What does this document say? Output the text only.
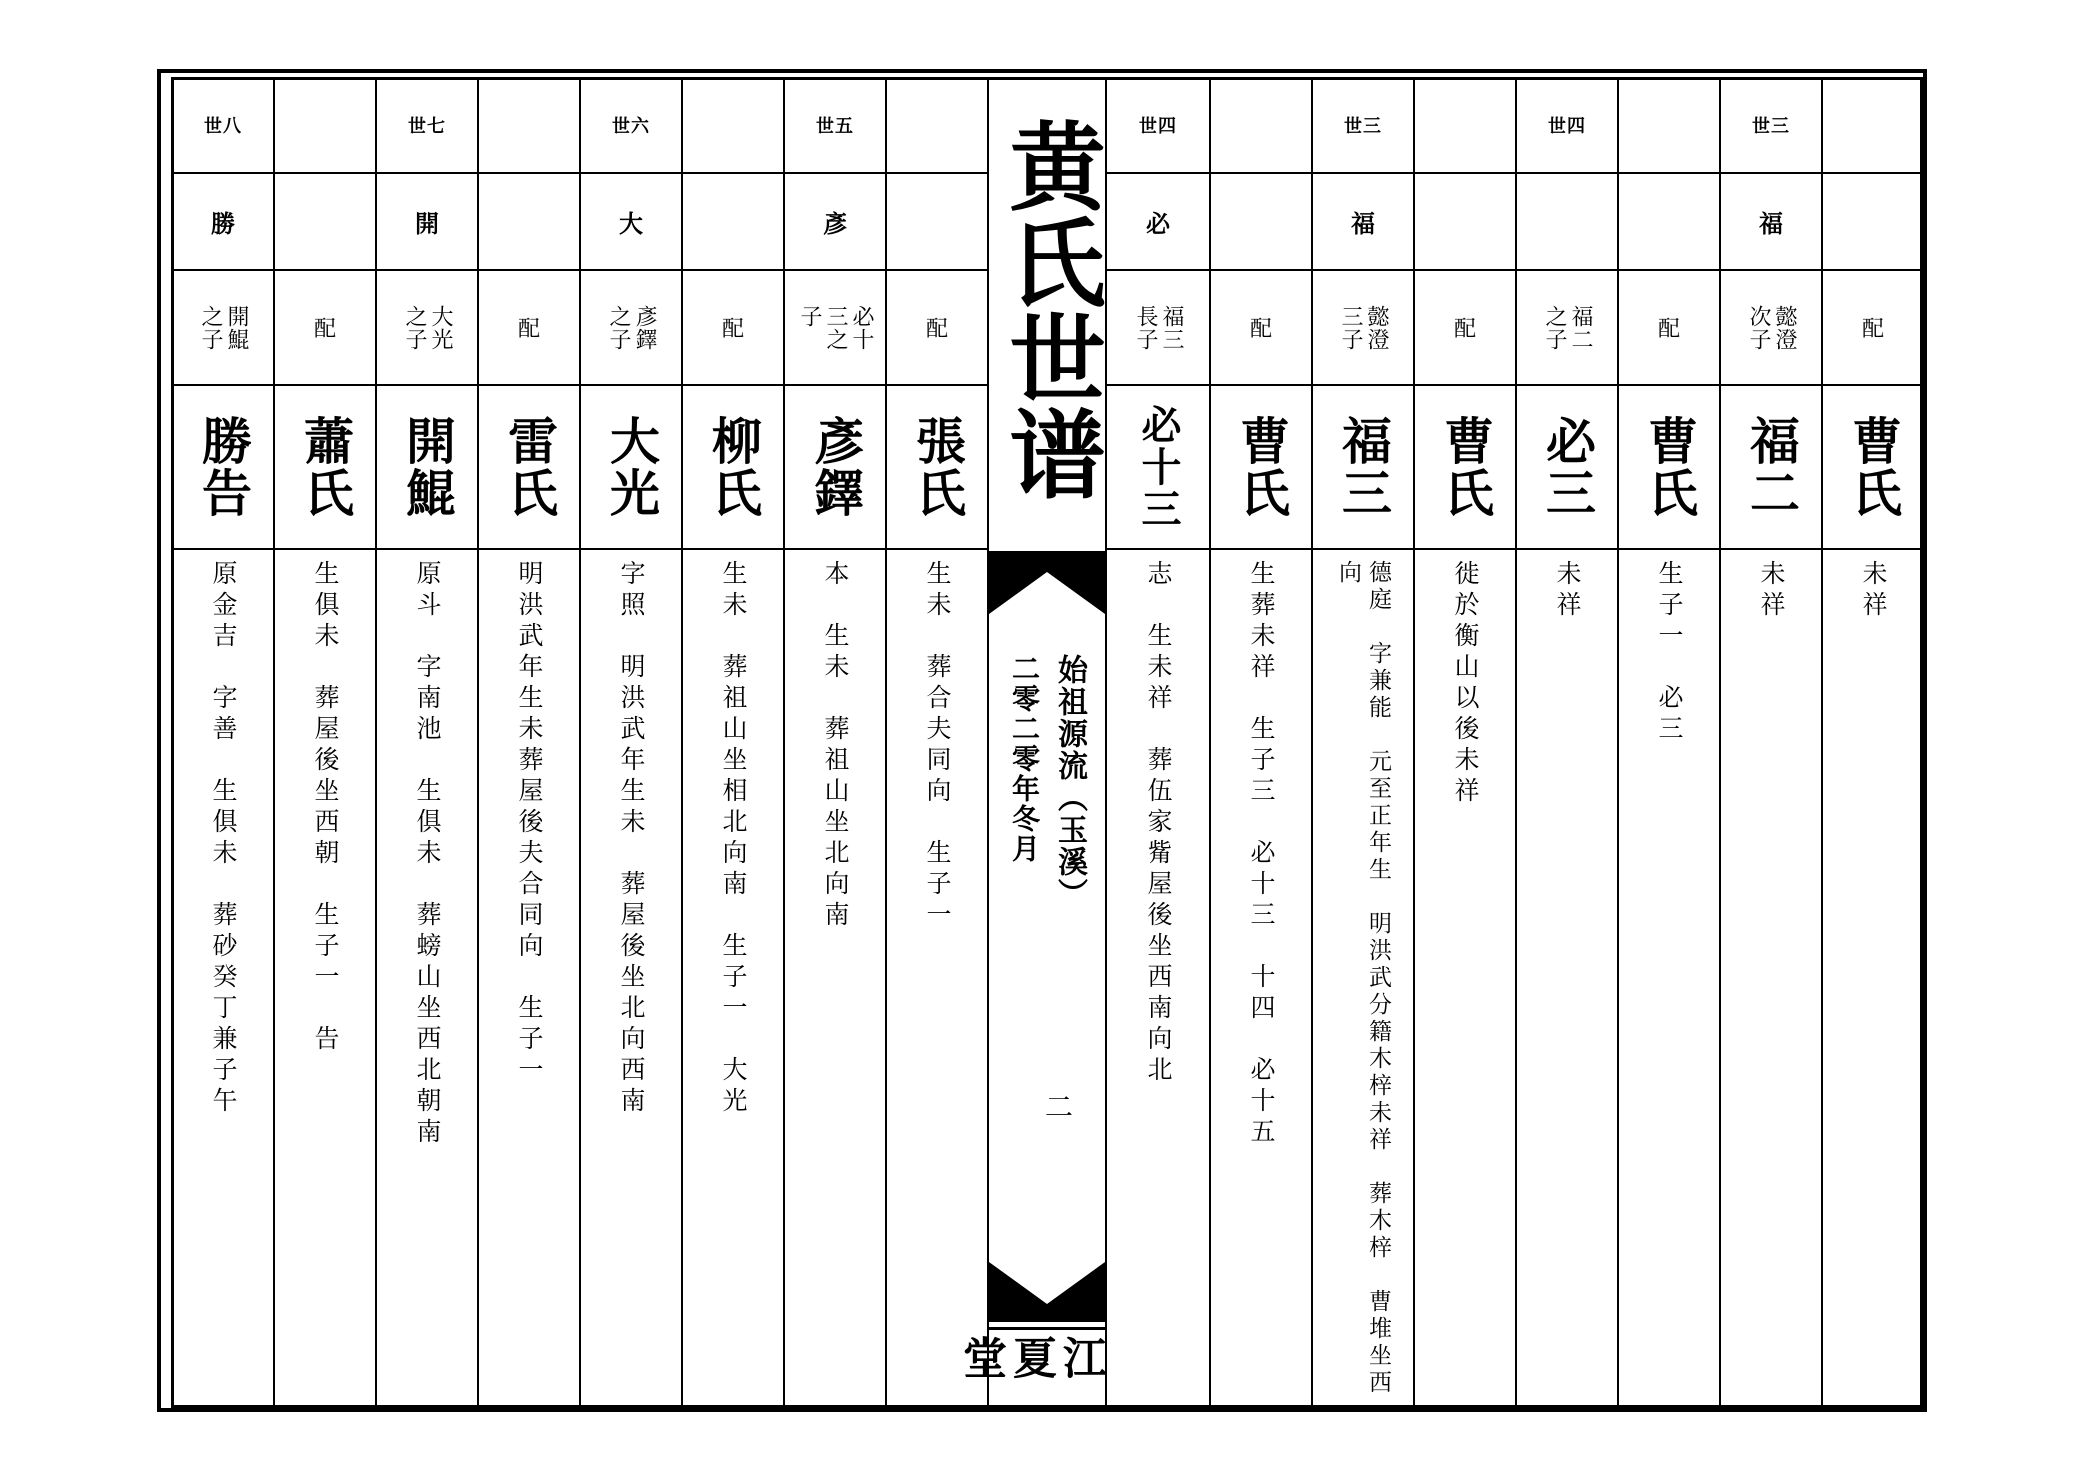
世八
勝
開鯤
之子
勝告
原金吉　字善　生俱未　葬砂癸丁兼子午
配
蕭氏
生俱未　葬屋後坐西朝　生子一　告
世七
開
大光
之子
開鯤
原斗　字南池　生俱未　葬螃山坐西北朝南
配
雷氏
明洪武年生未葬屋後夫合同向　生子一
世六
大
彥鐸
之子
大光
字照　明洪武年生未　葬屋後坐北向西南
配
柳氏
生未　葬祖山坐相北向南　生子一　大光
世五
彥
必十
三之
子
彥鐸
本　生未　葬祖山坐北向南
配
張氏
生未　葬合夫同向　生子一
黄氏世谱
始祖源流（玉溪）
二零二零年冬月
二
江夏堂
世四
必
福三
長子
必十三
志　生未祥　葬伍家觜屋後坐西南向北
配
曹氏
生葬未祥　生子三　必十三　十四　必十五
世三
福
懿澄
三子
福三
德庭　字兼能　元至正年生　明洪武分籍木梓未祥　葬木梓　曹堆坐西向
配
曹氏
徙於衡山以後未祥
世四
福二
之子
必三
未祥
配
曹氏
生子一　必三
世三
福
懿澄
次子
福二
未祥
配
曹氏
未祥
